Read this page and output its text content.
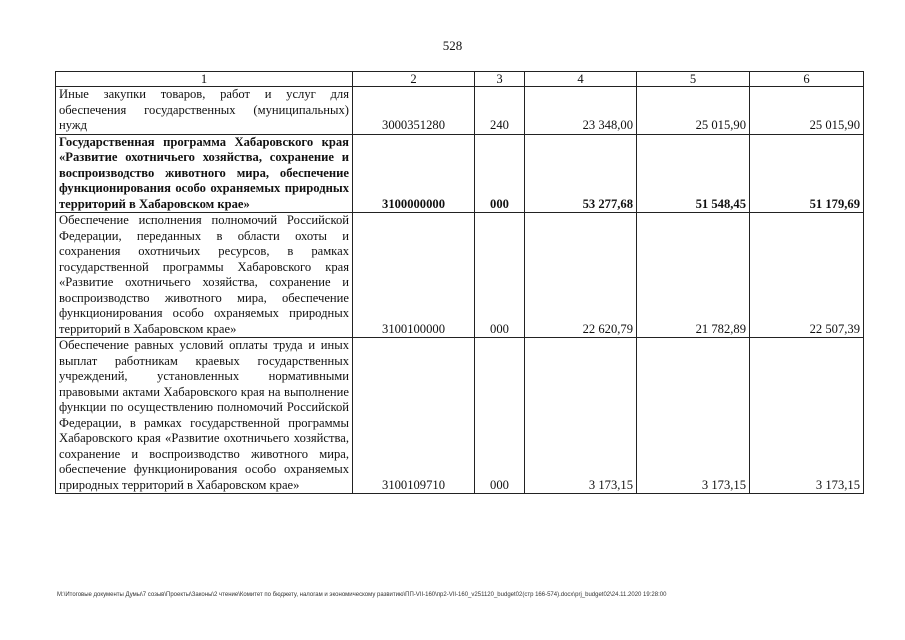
528
1	2	3	4	5	6
Иные закупки товаров, работ и услуг для обеспечения государственных (муниципальных) нужд	3000351280	240	23 348,00	25 015,90	25 015,90
Государственная программа Хабаровского края «Развитие охотничьего хозяйства, сохранение и воспроизводство животного мира, обеспечение функционирования особо охраняемых природных территорий в Хабаровском крае»	3100000000	000	53 277,68	51 548,45	51 179,69
Обеспечение исполнения полномочий Российской Федерации, переданных в области охоты и сохранения охотничьих ресурсов, в рамках государственной программы Хабаровского края «Развитие охотничьего хозяйства, сохранение и воспроизводство животного мира, обеспечение функционирования особо охраняемых природных территорий в Хабаровском крае»	3100100000	000	22 620,79	21 782,89	22 507,39
Обеспечение равных условий оплаты труда и иных выплат работникам краевых государственных учреждений, установленных нормативными правовыми актами Хабаровского края на выполнение функции по осуществлению полномочий Российской Федерации, в рамках государственной программы Хабаровского края «Развитие охотничьего хозяйства, сохранение и воспроизводство животного мира, обеспечение функционирования особо охраняемых природных территорий в Хабаровском крае»	3100109710	000	3 173,15	3 173,15	3 173,15
M:\Итоговые документы Думы\7 созыв\Проекты\Законы\2 чтение\Комитет по бюджету, налогам и экономическому развитию\ПП-VII-160\пр2-VII-160_v251120_budget02(стр 166-574).docx\prj_budget02\24.11.2020 19:28:00
